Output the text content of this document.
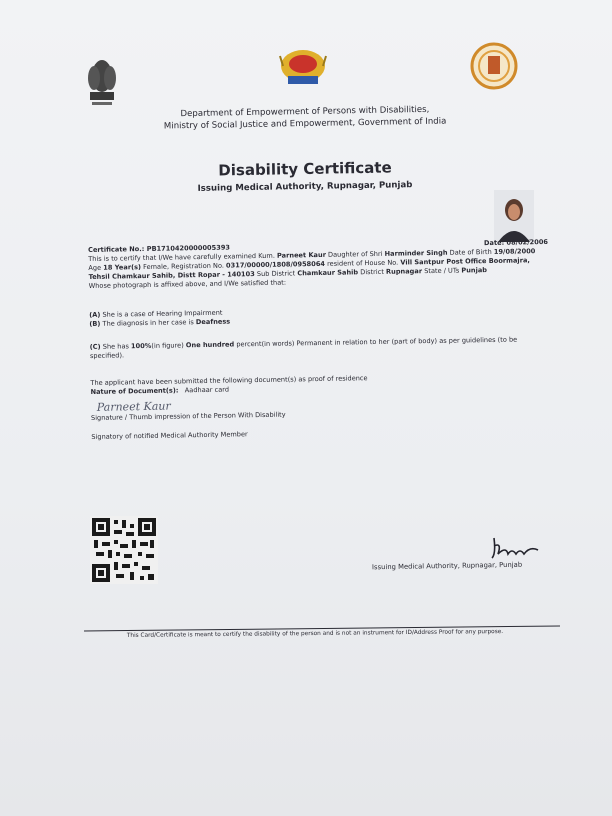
Department of Empowerment of Persons with Disabilities,
Ministry of Social Justice and Empowerment, Government of India
Disability Certificate
Issuing Medical Authority, Rupnagar, Punjab
Certificate No.: PB1710420000005393
Date: 08/02/2006

This is to certify that I/We have carefully examined Kum. Parneet Kaur Daughter of Shri Harminder Singh Date of Birth 19/08/2000 Age 18 Year(s) Female, Registration No. 0317/00000/1808/0958064 resident of House No. Vill Santpur Post Office Boormajra, Tehsil Chamkaur Sahib, Distt Ropar - 140103 Sub District Chamkaur Sahib District Rupnagar State / UTs Punjab

Whose photograph is affixed above, and I/We satisfied that:

(A) She is a case of Hearing Impairment

(B) The diagnosis in her case is Deafness

(C) She has 100%(in figure) One hundred percent(in words) Permanent in relation to her (part of body) as per guidelines (to be specified).

The applicant have been submitted the following document(s) as proof of residence

Nature of Document(s): Aadhaar card

Parneet Kaur

Signature / Thumb impression of the Person With Disability

Signatory of notified Medical Authority Member

Issuing Medical Authority, Rupnagar, Punjab
This Card/Certificate is meant to certify the disability of the person and is not an instrument for ID/Address Proof for any purpose.
